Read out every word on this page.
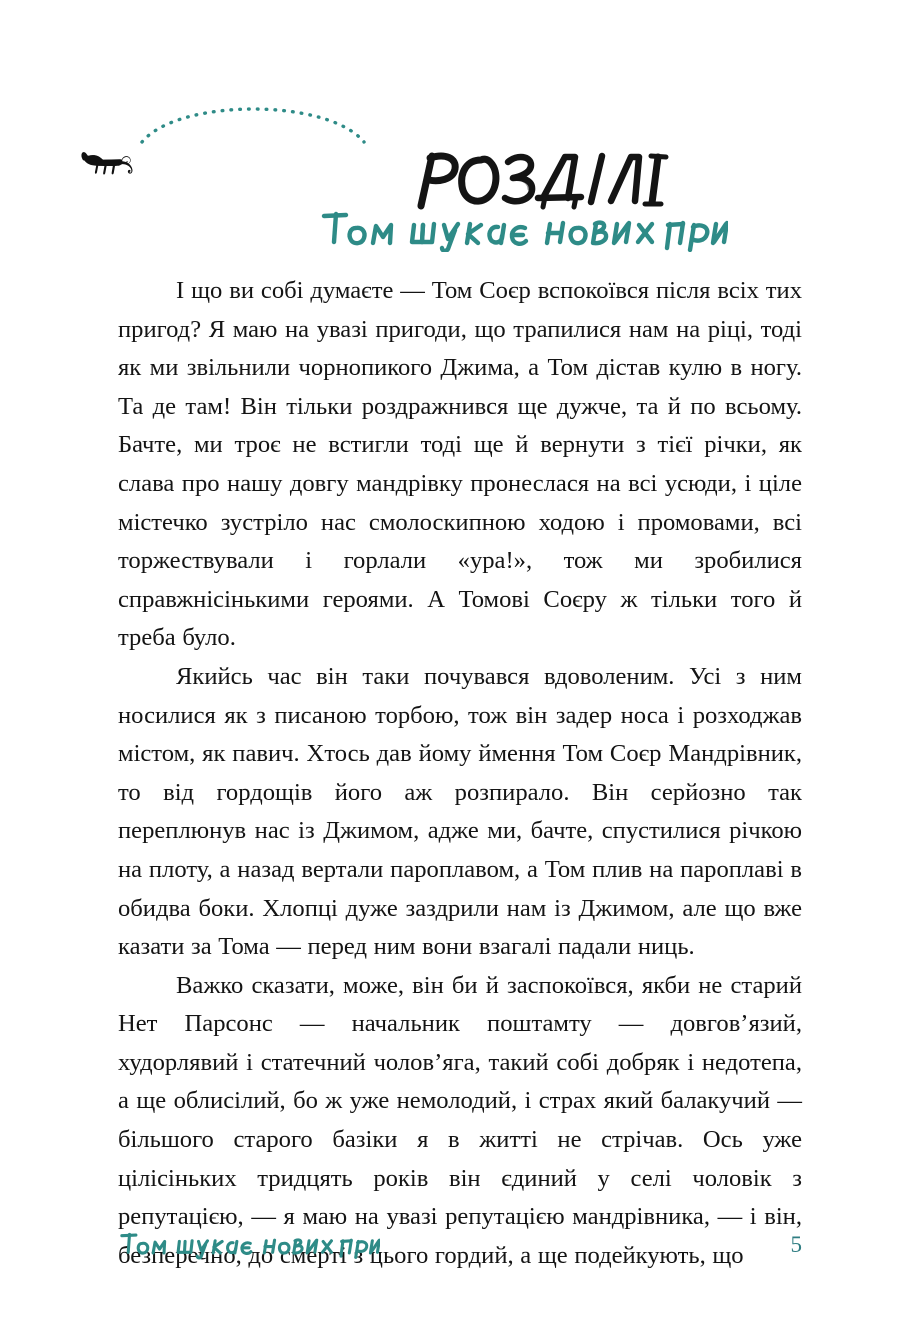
І що ви собі думаєте — Том Соєр вспокоївся після всіх тих пригод? Я маю на увазі пригоди, що трапилися нам на ріці, тоді як ми звільнили чорнопикого Джима, а Том дістав кулю в ногу. Та де там! Він тільки роздражнився ще дужче, та й по всьому. Бачте, ми троє не встигли тоді ще й вернути з тієї річки, як слава про нашу довгу мандрівку пронеслася на всі усюди, і ціле містечко зустріло нас смолоскипною ходою і промовами, всі торжествували і горлали «ура!», тож ми зробилися справжнісінькими героями. А Томові Соєру ж тільки того й треба було.

Якийсь час він таки почувався вдоволеним. Усі з ним носилися як з писаною торбою, тож він задер носа і розходжав містом, як павич. Хтось дав йому ймення Том Соєр Мандрівник, то від гордощів його аж розпирало. Він серйозно так переплюнув нас із Джимом, адже ми, бачте, спустилися річкою на плоту, а назад вертали пароплавом, а Том плив на пароплаві в обидва боки. Хлопці дуже заздрили нам із Джимом, але що вже казати за Тома — перед ним вони взагалі падали ниць.

Важко сказати, може, він би й заспокоївся, якби не старий Нет Парсонс — начальник поштамту — довгов’язий, худорлявий і статечний чолов’яга, такий собі добряк і недотепа, а ще облисілий, бо ж уже немолодий, і страх який балакучий — більшого старого базіки я в житті не стрічав. Ось уже цілісіньких тридцять років він єдиний у селі чоловік з репутацією, — я маю на увазі репутацією мандрівника, — і він, безперечно, до смерті з цього гордий, а ще подейкують, що	5
